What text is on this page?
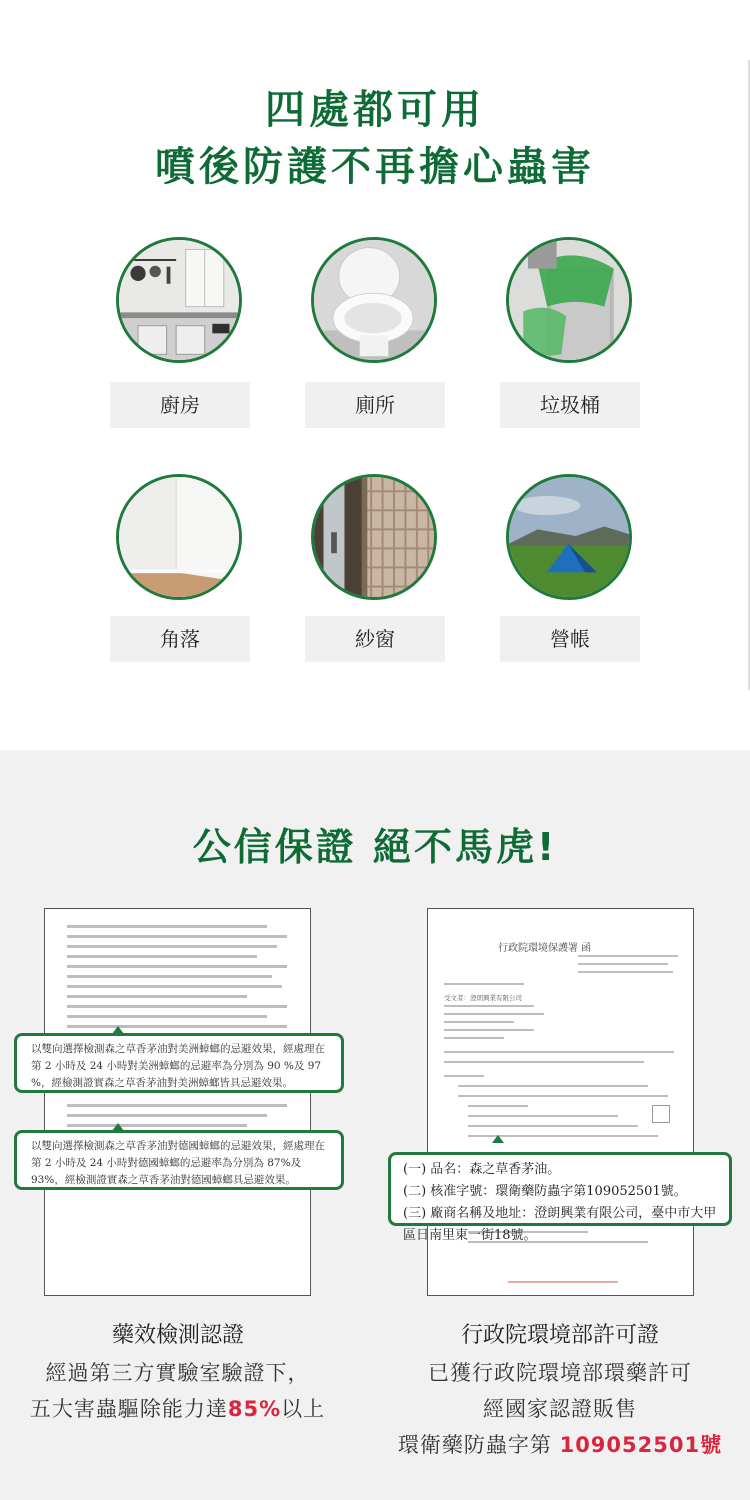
四處都可用
噴後防護不再擔心蟲害
廚房	廁所	垃圾桶
角落	紗窗	營帳
公信保證 絕不馬虎!
以雙向選擇檢測森之草香茅油對美洲蟑螂的忌避效果，經處理在第 2 小時及 24 小時對美洲蟑螂的忌避率為分別為 90 %及 97 %，經檢測證實森之草香茅油對美洲蟑螂皆具忌避效果。
以雙向選擇檢測森之草香茅油對德國蟑螂的忌避效果，經處理在第 2 小時及 24 小時對德國蟑螂的忌避率為分別為 87%及 93%，經檢測證實森之草香茅油對德國蟑螂具忌避效果。
行政院環境保護署 函
受文者：澄朗興業有限公司
(一) 品名：森之草香茅油。
(二) 核准字號：環衛藥防蟲字第109052501號。
(三) 廠商名稱及地址：澄朗興業有限公司，臺中市大甲區日南里東一街18號。
藥效檢測認證
經過第三方實驗室驗證下，
五大害蟲驅除能力達85%以上
行政院環境部許可證
已獲行政院環境部環藥許可
經國家認證販售
環衛藥防蟲字第 109052501號
